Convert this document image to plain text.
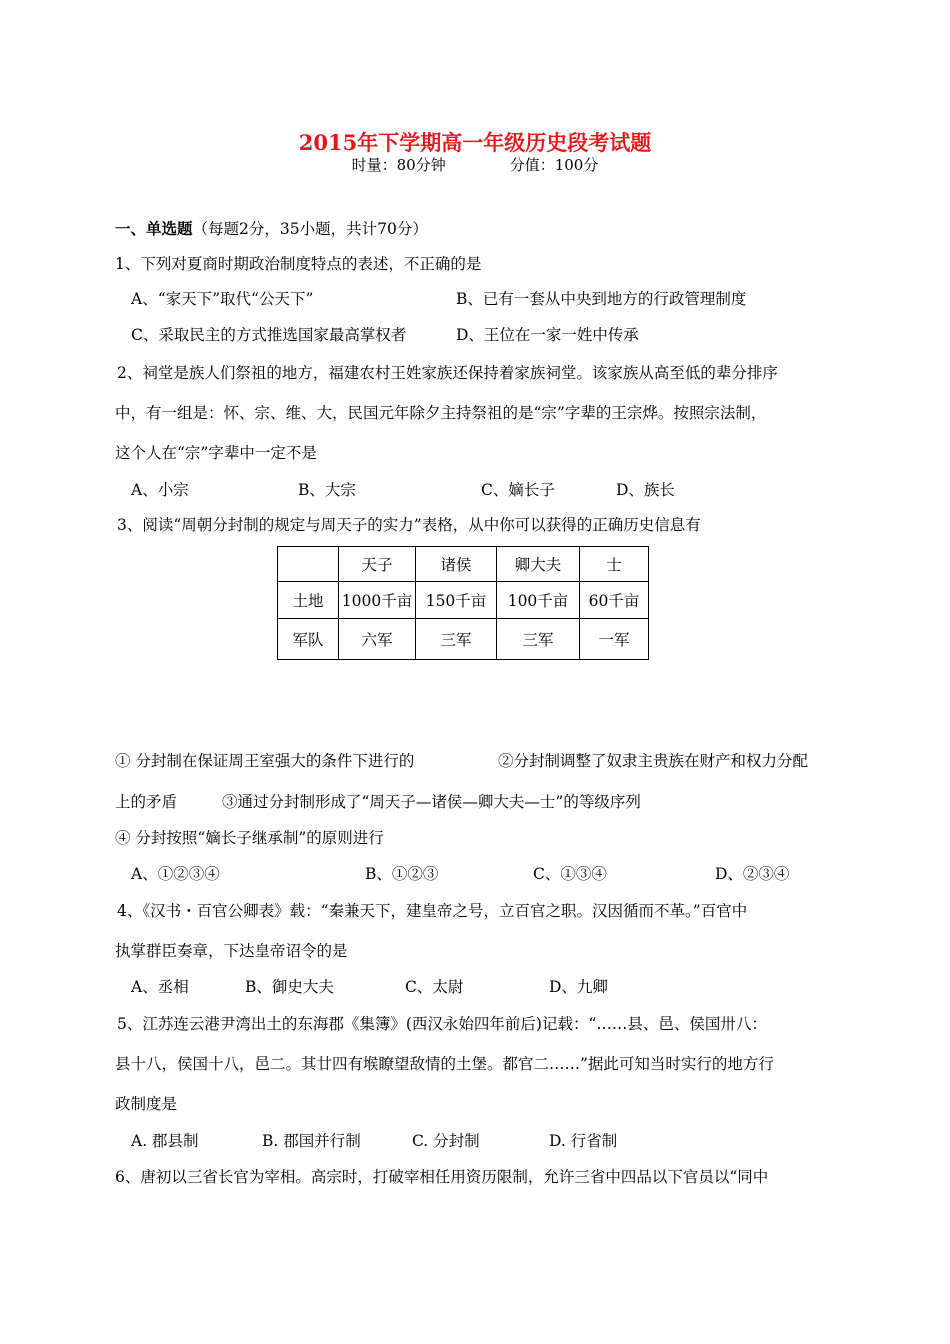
2015年下学期高一年级历史段考试题
时量：80分钟	分值：100分
一、单选题（每题2分，35小题，共计70分）
1、下列对夏商时期政治制度特点的表述，不正确的是
A、“家天下”取代“公天下”	B、已有一套从中央到地方的行政管理制度
C、采取民主的方式推选国家最高掌权者	D、王位在一家一姓中传承
2、祠堂是族人们祭祖的地方，福建农村王姓家族还保持着家族祠堂。该家族从高至低的辈分排序
中，有一组是：怀、宗、维、大，民国元年除夕主持祭祖的是“宗”字辈的王宗烨。按照宗法制，
这个人在“宗”字辈中一定不是
A、小宗	B、大宗	C、嫡长子	D、族长
3、阅读“周朝分封制的规定与周天子的实力”表格，从中你可以获得的正确历史信息有
	天子	诸侯	卿大夫	士
土地	1000千亩	150千亩	100千亩	60千亩
军队	六军	三军	三军	一军
① 分封制在保证周王室强大的条件下进行的	②分封制调整了奴隶主贵族在财产和权力分配
上的矛盾	③通过分封制形成了“周天子—诸侯—卿大夫—士”的等级序列
④ 分封按照“嫡长子继承制”的原则进行
A、①②③④	B、①②③	C、①③④	D、②③④
4、《汉书・百官公卿表》载：“秦兼天下，建皇帝之号，立百官之职。汉因循而不革。”百官中
执掌群臣奏章，下达皇帝诏令的是
A、丞相	B、御史大夫	C、太尉	D、九卿
5、江苏连云港尹湾出土的东海郡《集簿》(西汉永始四年前后)记载：“……县、邑、侯国卅八：
县十八，侯国十八，邑二。其廿四有堠瞭望敌情的土堡。都官二……”据此可知当时实行的地方行
政制度是
A. 郡县制	B. 郡国并行制	C. 分封制	D. 行省制
6、唐初以三省长官为宰相。高宗时，打破宰相任用资历限制，允许三省中四品以下官员以“同中
